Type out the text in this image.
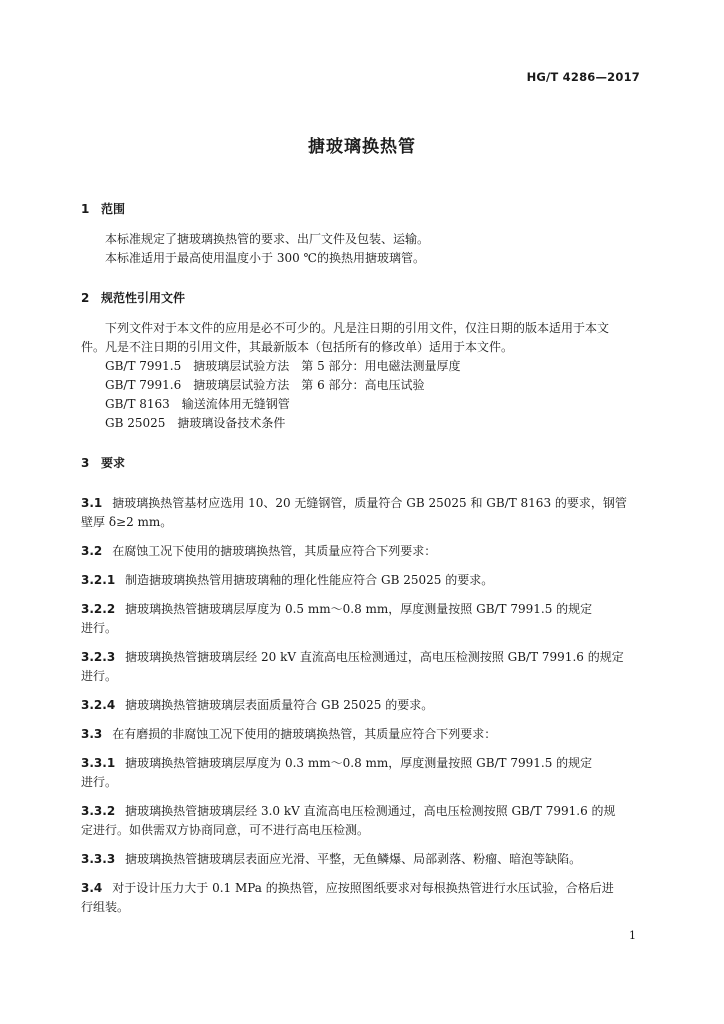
HG/T 4286—2017
搪玻璃换热管
1 范围

本标准规定了搪玻璃换热管的要求、出厂文件及包装、运输。

本标准适用于最高使用温度小于 300 ℃的换热用搪玻璃管。

2 规范性引用文件

下列文件对于本文件的应用是必不可少的。凡是注日期的引用文件，仅注日期的版本适用于本文

件。凡是不注日期的引用文件，其最新版本（包括所有的修改单）适用于本文件。

GB/T 7991.5　搪玻璃层试验方法　第 5 部分：用电磁法测量厚度

GB/T 7991.6　搪玻璃层试验方法　第 6 部分：高电压试验

GB/T 8163　输送流体用无缝钢管

GB 25025　搪玻璃设备技术条件

3 要求

3.1 搪玻璃换热管基材应选用 10、20 无缝钢管，质量符合 GB 25025 和 GB/T 8163 的要求，钢管

壁厚 δ≥2 mm。

3.2 在腐蚀工况下使用的搪玻璃换热管，其质量应符合下列要求：

3.2.1 制造搪玻璃换热管用搪玻璃釉的理化性能应符合 GB 25025 的要求。

3.2.2 搪玻璃换热管搪玻璃层厚度为 0.5 mm～0.8 mm，厚度测量按照 GB/T 7991.5 的规定

进行。

3.2.3 搪玻璃换热管搪玻璃层经 20 kV 直流高电压检测通过，高电压检测按照 GB/T 7991.6 的规定

进行。

3.2.4 搪玻璃换热管搪玻璃层表面质量符合 GB 25025 的要求。

3.3 在有磨损的非腐蚀工况下使用的搪玻璃换热管，其质量应符合下列要求：

3.3.1 搪玻璃换热管搪玻璃层厚度为 0.3 mm～0.8 mm，厚度测量按照 GB/T 7991.5 的规定

进行。

3.3.2 搪玻璃换热管搪玻璃层经 3.0 kV 直流高电压检测通过，高电压检测按照 GB/T 7991.6 的规

定进行。如供需双方协商同意，可不进行高电压检测。

3.3.3 搪玻璃换热管搪玻璃层表面应光滑、平整，无鱼鳞爆、局部剥落、粉瘤、暗泡等缺陷。

3.4 对于设计压力大于 0.1 MPa 的换热管，应按照图纸要求对每根换热管进行水压试验，合格后进

行组装。

1
